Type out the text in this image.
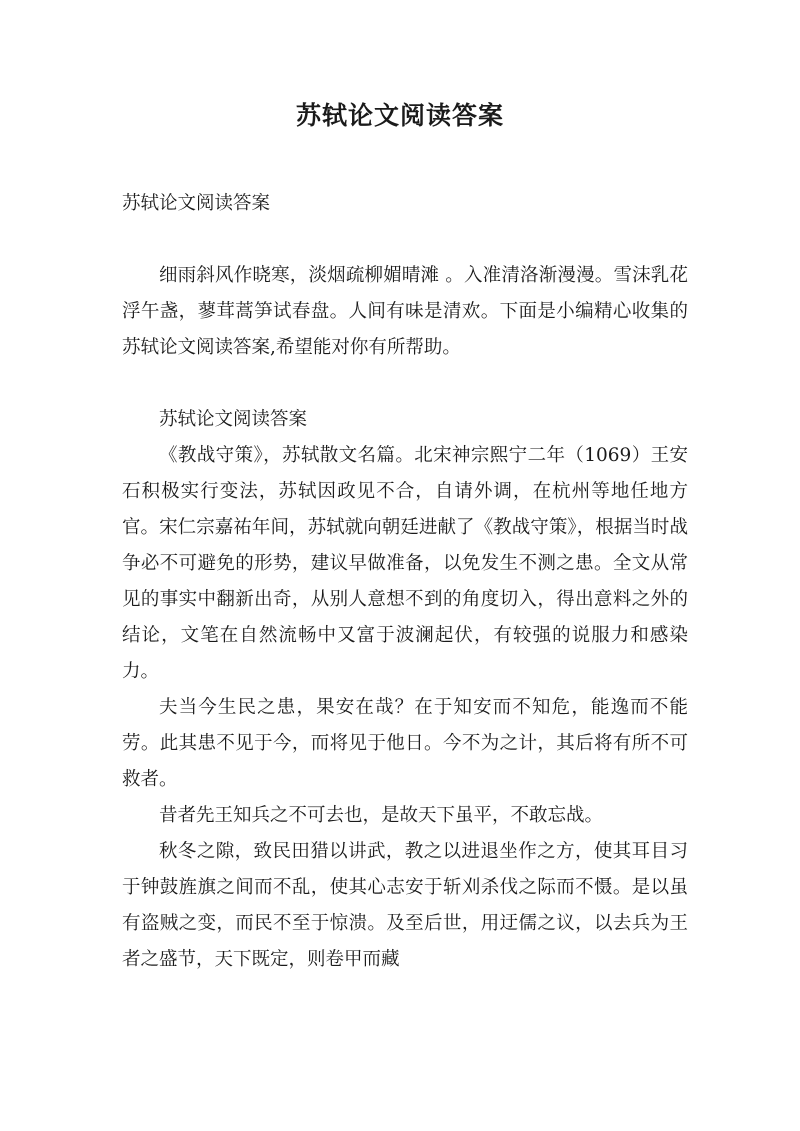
苏轼论文阅读答案

苏轼论文阅读答案

细雨斜风作晓寒，淡烟疏柳媚晴滩 。入准清洛渐漫漫。雪沫乳花浮午盏，蓼茸蒿笋试春盘。人间有味是清欢。下面是小编精心收集的苏轼论文阅读答案,希望能对你有所帮助。

苏轼论文阅读答案

《教战守策》，苏轼散文名篇。北宋神宗熙宁二年（1069）王安石积极实行变法，苏轼因政见不合，自请外调，在杭州等地任地方官。宋仁宗嘉祐年间，苏轼就向朝廷进献了《教战守策》，根据当时战争必不可避免的形势，建议早做准备，以免发生不测之患。全文从常见的事实中翻新出奇，从别人意想不到的角度切入，得出意料之外的结论，文笔在自然流畅中又富于波澜起伏，有较强的说服力和感染力。

夫当今生民之患，果安在哉？在于知安而不知危，能逸而不能劳。此其患不见于今，而将见于他日。今不为之计，其后将有所不可救者。

昔者先王知兵之不可去也，是故天下虽平，不敢忘战。

秋冬之隙，致民田猎以讲武，教之以进退坐作之方，使其耳目习于钟鼓旌旗之间而不乱，使其心志安于斩刈杀伐之际而不慑。是以虽有盗贼之变，而民不至于惊溃。及至后世，用迂儒之议，以去兵为王者之盛节，天下既定，则卷甲而藏
